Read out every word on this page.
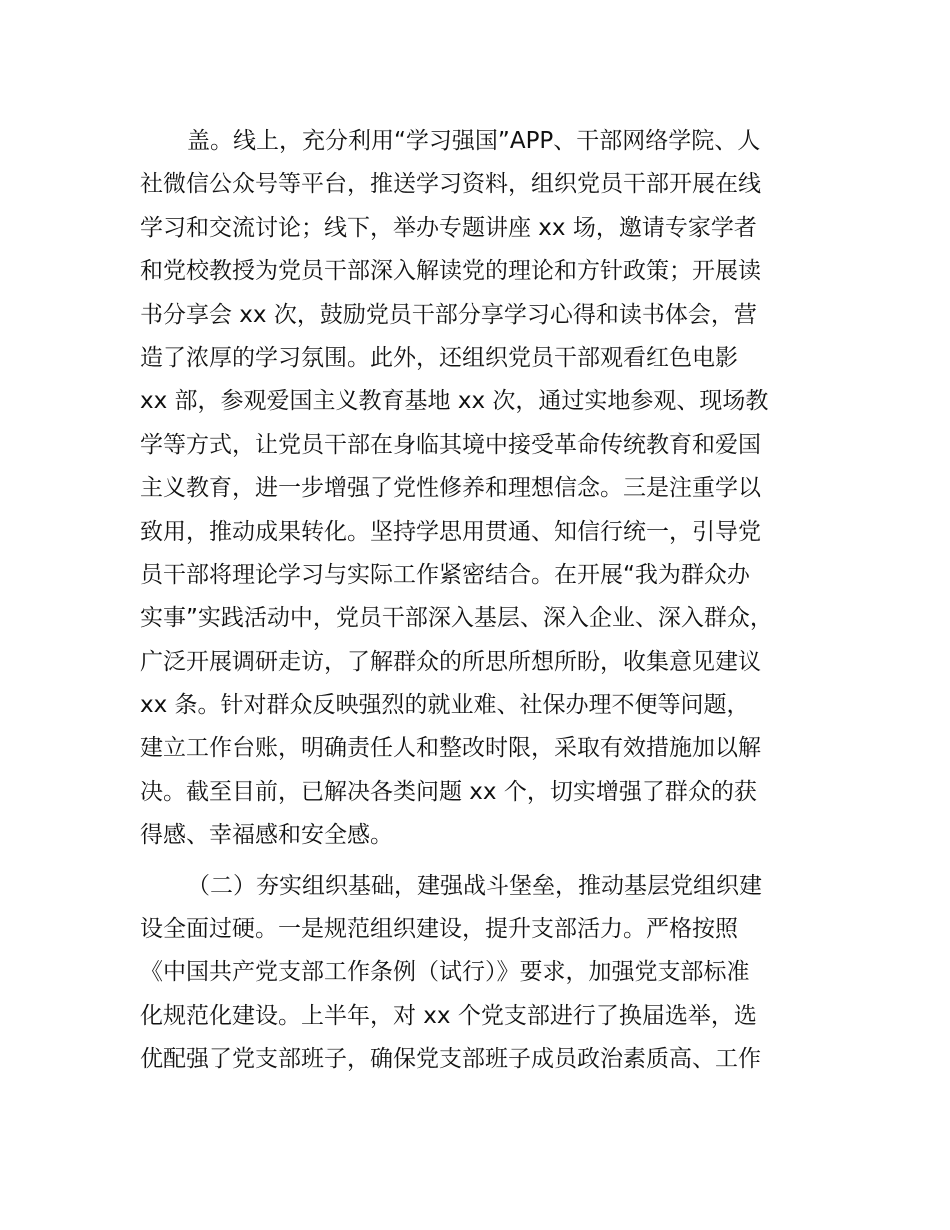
盖。线上，充分利用“学习强国”APP、干部网络学院、人
社微信公众号等平台，推送学习资料，组织党员干部开展在线
学习和交流讨论；线下，举办专题讲座 xx 场，邀请专家学者
和党校教授为党员干部深入解读党的理论和方针政策；开展读
书分享会 xx 次，鼓励党员干部分享学习心得和读书体会，营
造了浓厚的学习氛围。此外，还组织党员干部观看红色电影
xx 部，参观爱国主义教育基地 xx 次，通过实地参观、现场教
学等方式，让党员干部在身临其境中接受革命传统教育和爱国
主义教育，进一步增强了党性修养和理想信念。三是注重学以
致用，推动成果转化。坚持学思用贯通、知信行统一，引导党
员干部将理论学习与实际工作紧密结合。在开展“我为群众办
实事”实践活动中，党员干部深入基层、深入企业、深入群众，
广泛开展调研走访，了解群众的所思所想所盼，收集意见建议
xx 条。针对群众反映强烈的就业难、社保办理不便等问题，
建立工作台账，明确责任人和整改时限，采取有效措施加以解
决。截至目前，已解决各类问题 xx 个，切实增强了群众的获
得感、幸福感和安全感。
（二）夯实组织基础，建强战斗堡垒，推动基层党组织建
设全面过硬。一是规范组织建设，提升支部活力。严格按照
《中国共产党支部工作条例（试行）》要求，加强党支部标准
化规范化建设。上半年，对 xx 个党支部进行了换届选举，选
优配强了党支部班子，确保党支部班子成员政治素质高、工作
